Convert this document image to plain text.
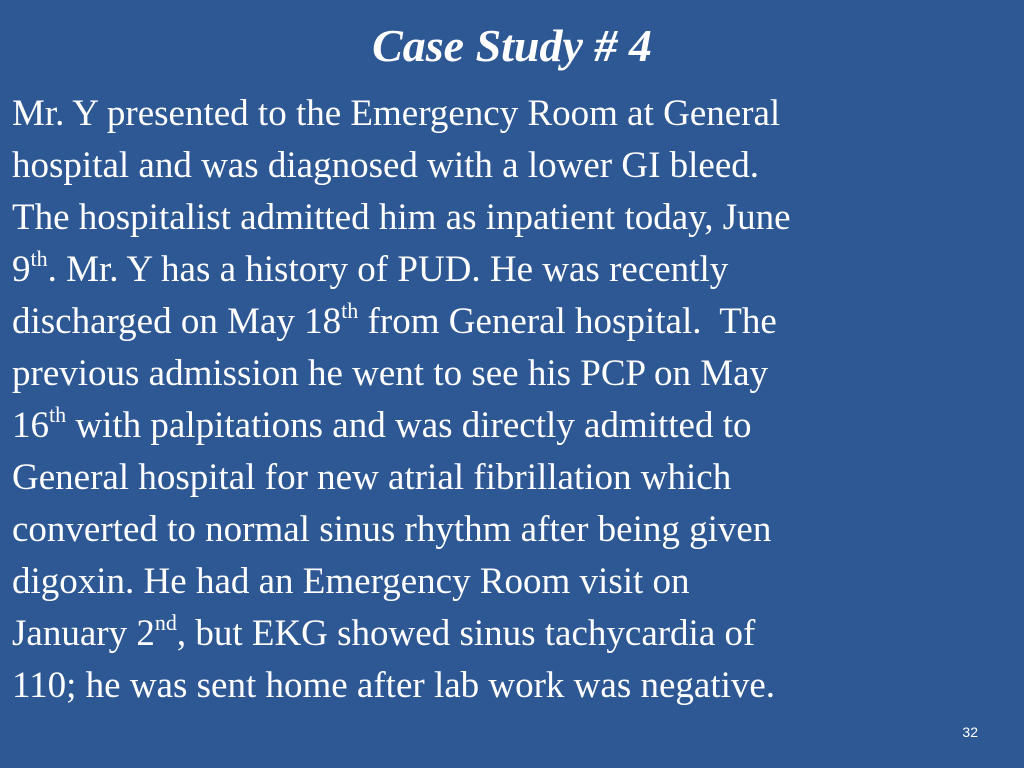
Case Study # 4
Mr. Y presented to the Emergency Room at General
hospital and was diagnosed with a lower GI bleed.
The hospitalist admitted him as inpatient today, June
9th. Mr. Y has a history of PUD. He was recently
discharged on May 18th from General hospital.  The
previous admission he went to see his PCP on May
16th with palpitations and was directly admitted to
General hospital for new atrial fibrillation which
converted to normal sinus rhythm after being given
digoxin. He had an Emergency Room visit on
January 2nd, but EKG showed sinus tachycardia of
110; he was sent home after lab work was negative.
32
